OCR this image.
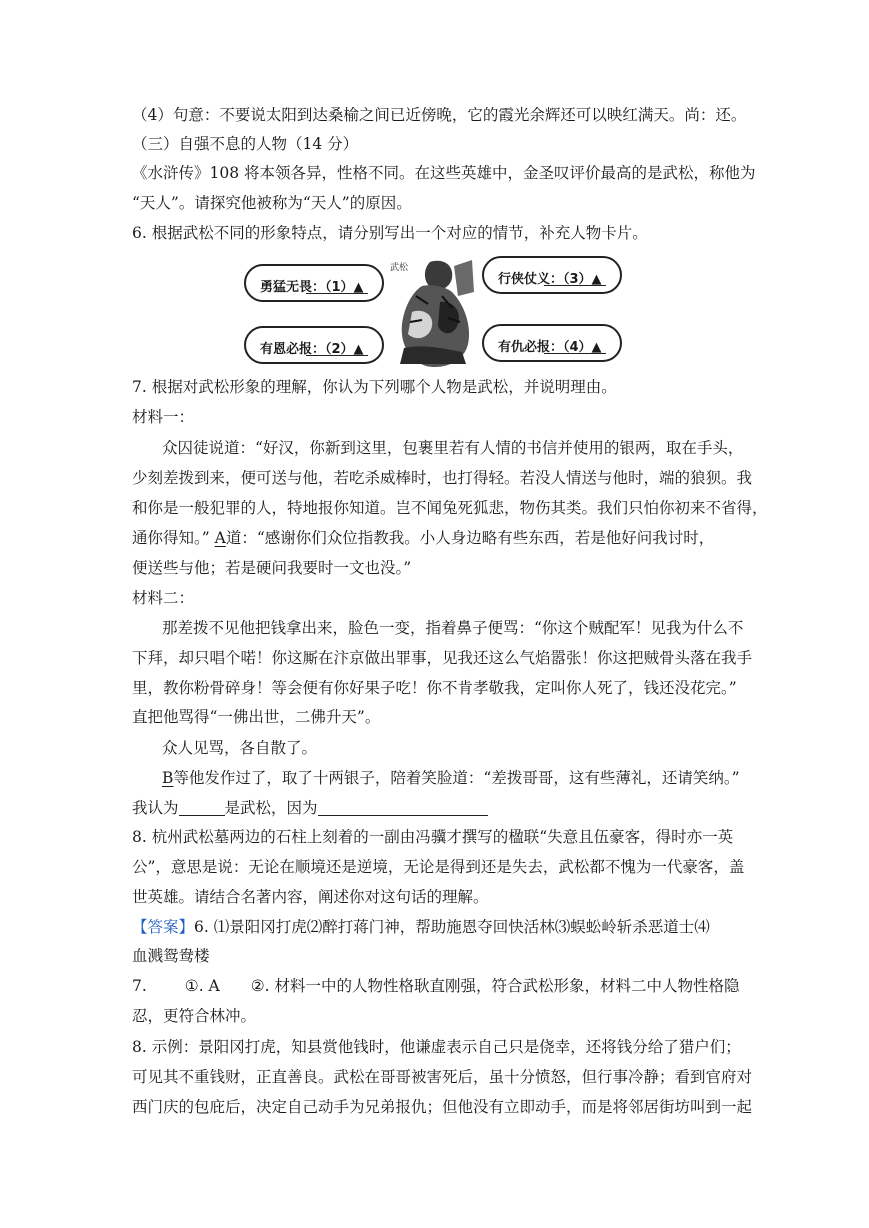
（4）句意：不要说太阳到达桑榆之间已近傍晚，它的霞光余辉还可以映红满天。尚：还。
（三）自强不息的人物（14 分）
《水浒传》108 将本领各异，性格不同。在这些英雄中，金圣叹评价最高的是武松，称他为
“天人”。请探究他被称为“天人”的原因。
6. 根据武松不同的形象特点，请分别写出一个对应的情节，补充人物卡片。
勇猛无畏：（1）▲
行侠仗义：（3）▲
有恩必报：（2）▲	有仇必报：（4）▲
武松
7. 根据对武松形象的理解，你认为下列哪个人物是武松，并说明理由。
材料一：
众囚徒说道：“好汉，你新到这里，包裹里若有人情的书信并使用的银两，取在手头，
少刻差拨到来，便可送与他，若吃杀威棒时，也打得轻。若没人情送与他时，端的狼狈。我
和你是一般犯罪的人，特地报你知道。岂不闻兔死狐悲，物伤其类。我们只怕你初来不省得，
通你得知。” A道：“感谢你们众位指教我。小人身边略有些东西，若是他好问我讨时，
便送些与他；若是硬问我要时一文也没。”
材料二：
那差拨不见他把钱拿出来，脸色一变，指着鼻子便骂：“你这个贼配军！见我为什么不
下拜，却只唱个喏！你这厮在汴京做出罪事，见我还这么气焰嚣张！你这把贼骨头落在我手
里，教你粉骨碎身！等会便有你好果子吃！你不肯孝敬我，定叫你人死了，钱还没花完。”
直把他骂得“一佛出世，二佛升天”。
众人见骂，各自散了。
B等他发作过了，取了十两银子，陪着笑脸道：“差拨哥哥，这有些薄礼，还请笑纳。”
我认为	是武松，因为
8. 杭州武松墓两边的石柱上刻着的一副由冯骥才撰写的楹联“失意且伍豪客，得时亦一英
公”，意思是说：无论在顺境还是逆境，无论是得到还是失去，武松都不愧为一代豪客，盖
世英雄。请结合名著内容，阐述你对这句话的理解。
【答案】6. ⑴景阳冈打虎⑵醉打蒋门神，帮助施恩夺回快活林⑶蜈蚣岭斩杀恶道士⑷
血溅鸳鸯楼
7. ①. A　　②. 材料一中的人物性格耿直刚强，符合武松形象，材料二中人物性格隐
忍，更符合林冲。
8. 示例：景阳冈打虎，知县赏他钱时，他谦虚表示自己只是侥幸，还将钱分给了猎户们；
可见其不重钱财，正直善良。武松在哥哥被害死后，虽十分愤怒，但行事冷静；看到官府对
西门庆的包庇后，决定自己动手为兄弟报仇；但他没有立即动手，而是将邻居街坊叫到一起
